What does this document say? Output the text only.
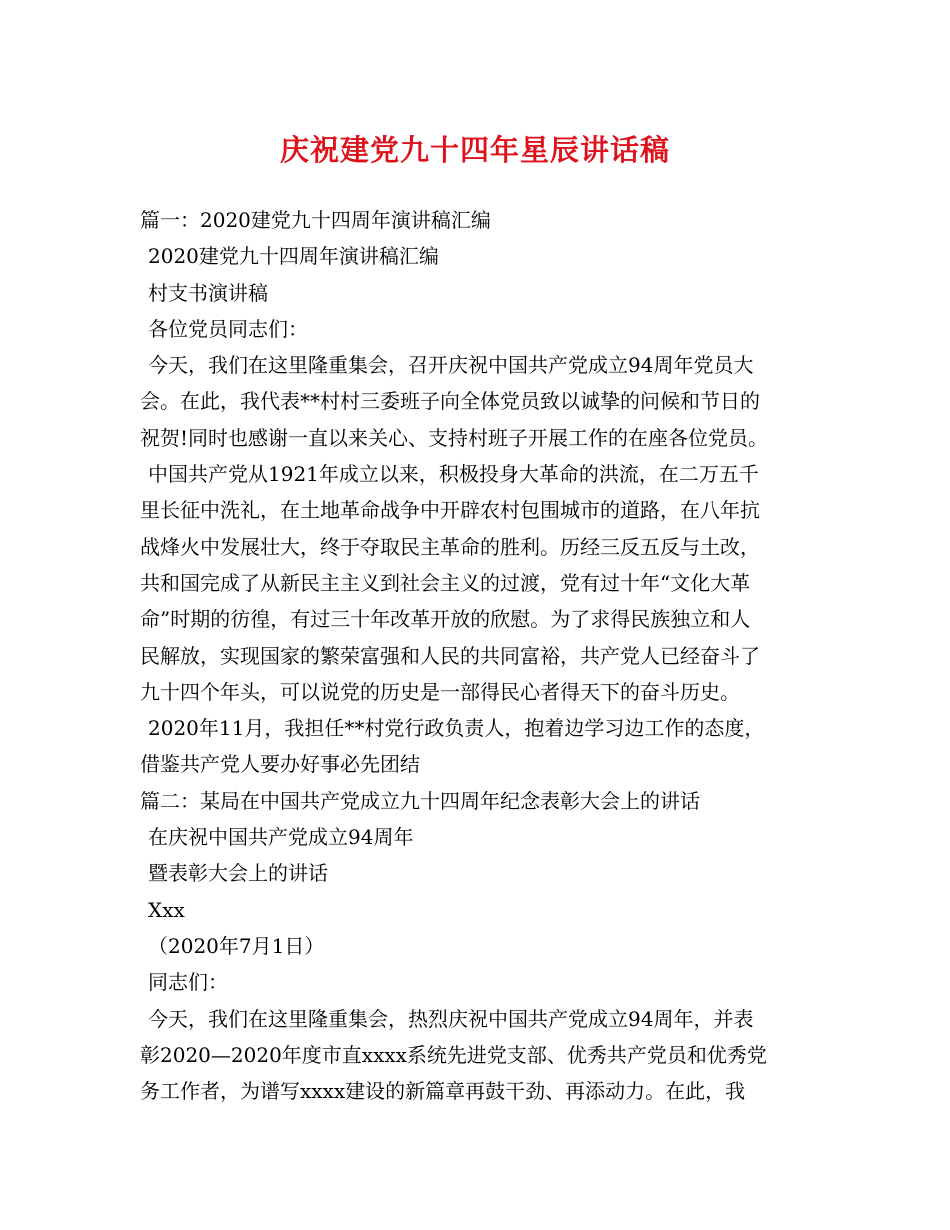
庆祝建党九十四年星辰讲话稿
篇一：2020建党九十四周年演讲稿汇编
2020建党九十四周年演讲稿汇编
村支书演讲稿
各位党员同志们：
今天，我们在这里隆重集会，召开庆祝中国共产党成立94周年党员大
会。在此，我代表**村村三委班子向全体党员致以诚挚的问候和节日的
祝贺!同时也感谢一直以来关心、支持村班子开展工作的在座各位党员。
中国共产党从1921年成立以来，积极投身大革命的洪流，在二万五千
里长征中洗礼，在土地革命战争中开辟农村包围城市的道路，在八年抗
战烽火中发展壮大，终于夺取民主革命的胜利。历经三反五反与土改，
共和国完成了从新民主主义到社会主义的过渡，党有过十年“文化大革
命”时期的彷徨，有过三十年改革开放的欣慰。为了求得民族独立和人
民解放，实现国家的繁荣富强和人民的共同富裕，共产党人已经奋斗了
九十四个年头，可以说党的历史是一部得民心者得天下的奋斗历史。
2020年11月，我担任**村党行政负责人，抱着边学习边工作的态度，
借鉴共产党人要办好事必先团结
篇二：某局在中国共产党成立九十四周年纪念表彰大会上的讲话
在庆祝中国共产党成立94周年
暨表彰大会上的讲话
Xxx
（2020年7月1日）
同志们：
今天，我们在这里隆重集会，热烈庆祝中国共产党成立94周年，并表
彰2020—2020年度市直xxxx系统先进党支部、优秀共产党员和优秀党
务工作者，为谱写xxxx建设的新篇章再鼓干劲、再添动力。在此，我
